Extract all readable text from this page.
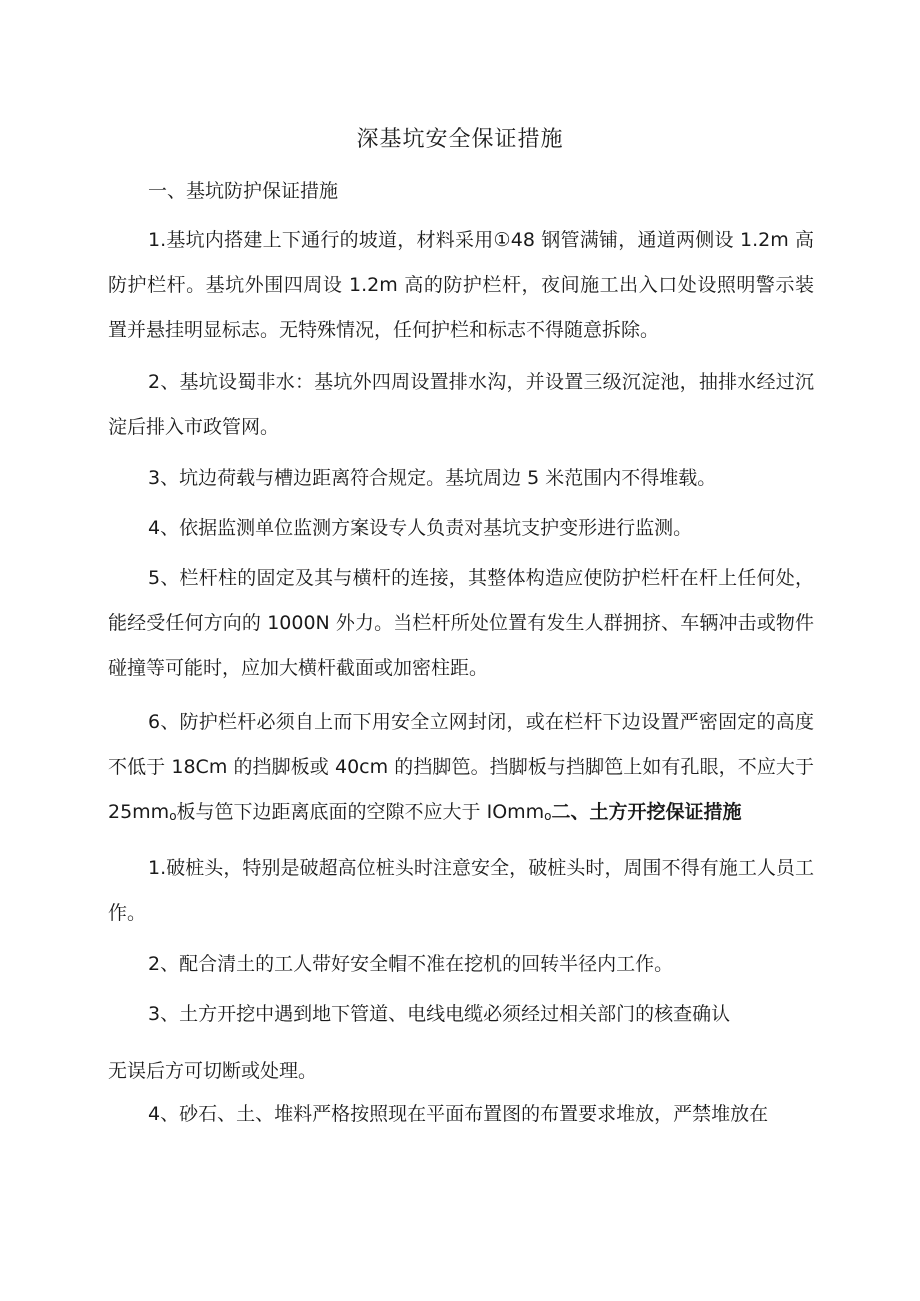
深基坑安全保证措施
一、基坑防护保证措施
1.基坑内搭建上下通行的坡道，材料采用①48 钢管满铺，通道两侧设 1.2m 高防护栏杆。基坑外围四周设 1.2m 高的防护栏杆，夜间施工出入口处设照明警示装置并悬挂明显标志。无特殊情况，任何护栏和标志不得随意拆除。
2、基坑设蜀非水：基坑外四周设置排水沟，并设置三级沉淀池，抽排水经过沉淀后排入市政管网。
3、坑边荷载与槽边距离符合规定。基坑周边 5 米范围内不得堆载。
4、依据监测单位监测方案设专人负责对基坑支护变形进行监测。
5、栏杆柱的固定及其与横杆的连接，其整体构造应使防护栏杆在杆上任何处，能经受任何方向的 1000N 外力。当栏杆所处位置有发生人群拥挤、车辆冲击或物件碰撞等可能时，应加大横杆截面或加密柱距。
6、防护栏杆必须自上而下用安全立网封闭，或在栏杆下边设置严密固定的高度不低于 18Cm 的挡脚板或 40cm 的挡脚笆。挡脚板与挡脚笆上如有孔眼，不应大于 25mmo板与笆下边距离底面的空隙不应大于 IOmmo二、土方开挖保证措施
1.破桩头，特别是破超高位桩头时注意安全，破桩头时，周围不得有施工人员工作。
2、配合清土的工人带好安全帽不准在挖机的回转半径内工作。
3、土方开挖中遇到地下管道、电线电缆必须经过相关部门的核查确认
无误后方可切断或处理。
4、砂石、土、堆料严格按照现在平面布置图的布置要求堆放，严禁堆放在
